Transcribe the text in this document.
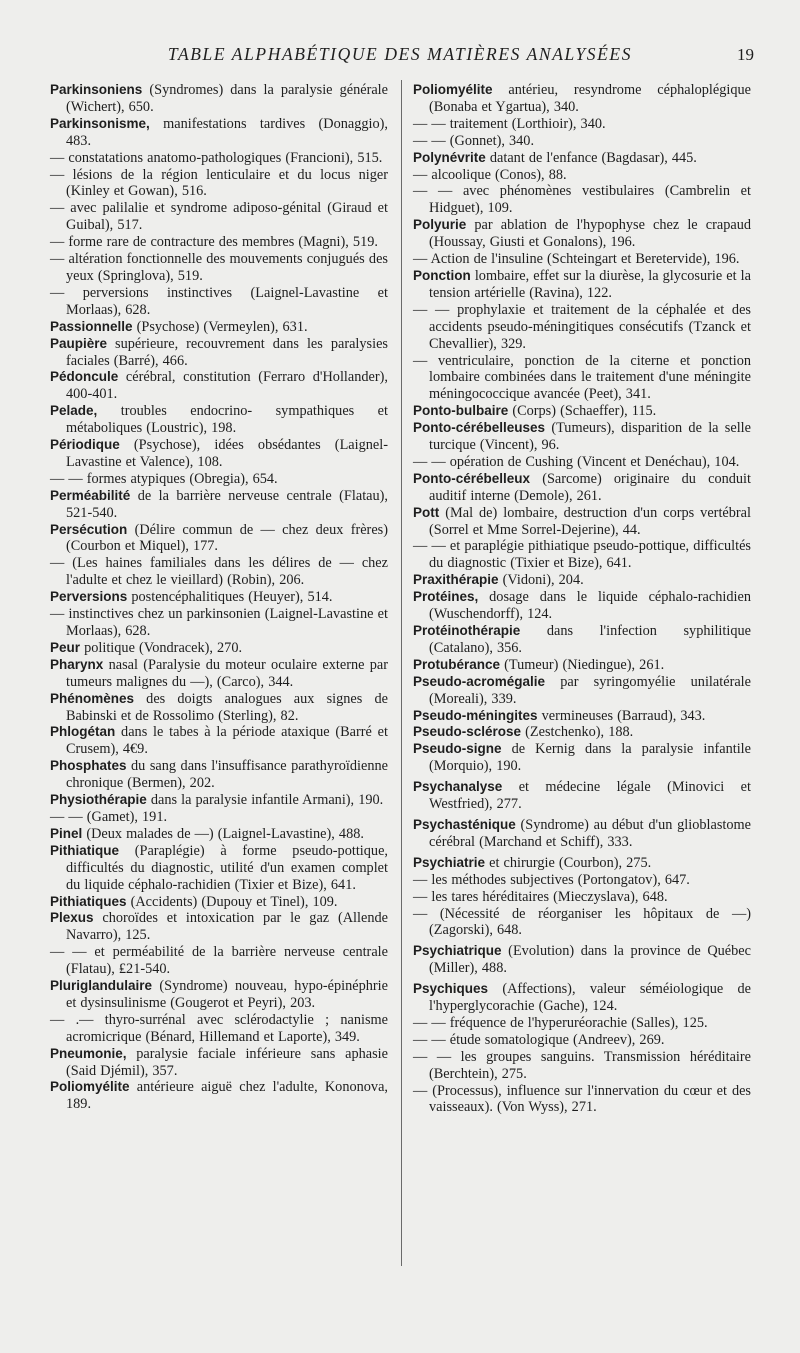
TABLE ALPHABÉTIQUE DES MATIÈRES ANALYSÉES	19

Parkinsoniens (Syndromes) dans la paralysie générale (Wichert), 650.

Parkinsonisme, manifestations tardives (Donaggio), 483.

— constatations anatomo-pathologiques (Francioni), 515.

— lésions de la région lenticulaire et du locus niger (Kinley et Gowan), 516.

— avec palilalie et syndrome adiposo-génital (Giraud et Guibal), 517.

— forme rare de contracture des membres (Magni), 519.

— altération fonctionnelle des mouvements conjugués des yeux (Springlova), 519.

— perversions instinctives (Laignel-Lavastine et Morlaas), 628.

Passionnelle (Psychose) (Vermeylen), 631.

Paupière supérieure, recouvrement dans les paralysies faciales (Barré), 466.

Pédoncule cérébral, constitution (Ferraro d'Hollander), 400-401.

Pelade, troubles endocrino- sympathiques et métaboliques (Loustric), 198.

Périodique (Psychose), idées obsédantes (Laignel-Lavastine et Valence), 108.

— — formes atypiques (Obregia), 654.

Perméabilité de la barrière nerveuse centrale (Flatau), 521-540.

Persécution (Délire commun de — chez deux frères) (Courbon et Miquel), 177.

— (Les haines familiales dans les délires de — chez l'adulte et chez le vieillard) (Robin), 206.

Perversions postencéphalitiques (Heuyer), 514.

— instinctives chez un parkinsonien (Laignel-Lavastine et Morlaas), 628.

Peur politique (Vondracek), 270.

Pharynx nasal (Paralysie du moteur oculaire externe par tumeurs malignes du —), (Carco), 344.

Phénomènes des doigts analogues aux signes de Babinski et de Rossolimo (Sterling), 82.

Phlogétan dans le tabes à la période ataxique (Barré et Crusem), 4€9.

Phosphates du sang dans l'insuffisance parathyroïdienne chronique (Bermen), 202.

Physiothérapie dans la paralysie infantile Armani), 190.

— — (Gamet), 191.

Pinel (Deux malades de —) (Laignel-Lavastine), 488.

Pithiatique (Paraplégie) à forme pseudo-pottique, difficultés du diagnostic, utilité d'un examen complet du liquide céphalo-rachidien (Tixier et Bize), 641.

Pithiatiques (Accidents) (Dupouy et Tinel), 109.

Plexus choroïdes et intoxication par le gaz (Allende Navarro), 125.

— — et perméabilité de la barrière nerveuse centrale (Flatau), ₤21-540.

Pluriglandulaire (Syndrome) nouveau, hypo-épinéphrie et dysinsulinisme (Gougerot et Peyri), 203.

— .— thyro-surrénal avec sclérodactylie ; nanisme acromicrique (Bénard, Hillemand et Laporte), 349.

Pneumonie, paralysie faciale inférieure sans aphasie (Said Djémil), 357.

Poliomyélite antérieure aiguë chez l'adulte, Kononova, 189.

Poliomyélite antérieu, resyndrome céphaloplégique (Bonaba et Ygartua), 340.

— — traitement (Lorthioir), 340.

— — (Gonnet), 340.

Polynévrite datant de l'enfance (Bagdasar), 445.

— alcoolique (Conos), 88.

— — avec phénomènes vestibulaires (Cambrelin et Hidguet), 109.

Polyurie par ablation de l'hypophyse chez le crapaud (Houssay, Giusti et Gonalons), 196.

— Action de l'insuline (Schteingart et Beretervide), 196.

Ponction lombaire, effet sur la diurèse, la glycosurie et la tension artérielle (Ravina), 122.

— — prophylaxie et traitement de la céphalée et des accidents pseudo-méningitiques consécutifs (Tzanck et Chevallier), 329.

— ventriculaire, ponction de la citerne et ponction lombaire combinées dans le traitement d'une méningite méningococcique avancée (Peet), 341.

Ponto-bulbaire (Corps) (Schaeffer), 115.

Ponto-cérébelleuses (Tumeurs), disparition de la selle turcique (Vincent), 96.

— — opération de Cushing (Vincent et Denéchau), 104.

Ponto-cérébelleux (Sarcome) originaire du conduit auditif interne (Demole), 261.

Pott (Mal de) lombaire, destruction d'un corps vertébral (Sorrel et Mme Sorrel-Dejerine), 44.

— — et paraplégie pithiatique pseudo-pottique, difficultés du diagnostic (Tixier et Bize), 641.

Praxithérapie (Vidoni), 204.

Protéines, dosage dans le liquide céphalo-rachidien (Wuschendorff), 124.

Protéinothérapie dans l'infection syphilitique (Catalano), 356.

Protubérance (Tumeur) (Niedingue), 261.

Pseudo-acromégalie par syringomyélie unilatérale (Moreali), 339.

Pseudo-méningites vermineuses (Barraud), 343.

Pseudo-sclérose (Zestchenko), 188.

Pseudo-signe de Kernig dans la paralysie infantile (Morquio), 190.

Psychanalyse et médecine légale (Minovici et Westfried), 277.

Psychasténique (Syndrome) au début d'un glioblastome cérébral (Marchand et Schiff), 333.

Psychiatrie et chirurgie (Courbon), 275.

— les méthodes subjectives (Portongatov), 647.

— les tares héréditaires (Mieczyslava), 648.

— (Nécessité de réorganiser les hôpitaux de —) (Zagorski), 648.

Psychiatrique (Evolution) dans la province de Québec (Miller), 488.

Psychiques (Affections), valeur séméiologique de l'hyperglycorachie (Gache), 124.

— — fréquence de l'hyperuréorachie (Salles), 125.

— — étude somatologique (Andreev), 269.

— — les groupes sanguins. Transmission héréditaire (Berchtein), 275.

— (Processus), influence sur l'innervation du cœur et des vaisseaux). (Von Wyss), 271.
